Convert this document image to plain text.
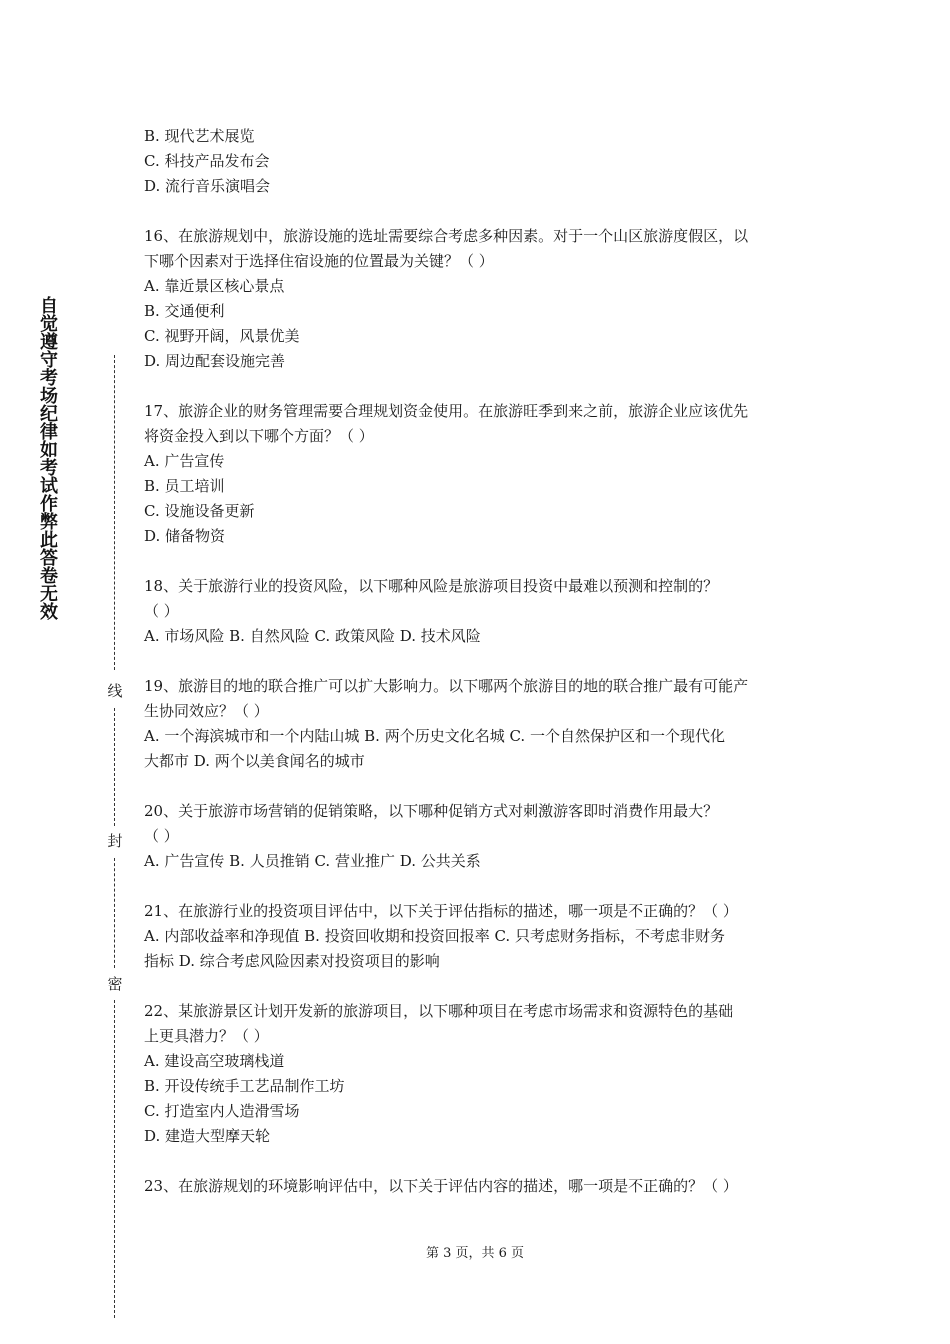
自觉遵守考场纪律如考试作弊此答卷无效
线
封
密
B. 现代艺术展览
C. 科技产品发布会
D. 流行音乐演唱会
16、在旅游规划中，旅游设施的选址需要综合考虑多种因素。对于一个山区旅游度假区，以
下哪个因素对于选择住宿设施的位置最为关键？（ ）
A. 靠近景区核心景点
B. 交通便利
C. 视野开阔，风景优美
D. 周边配套设施完善
17、旅游企业的财务管理需要合理规划资金使用。在旅游旺季到来之前，旅游企业应该优先
将资金投入到以下哪个方面？（ ）
A. 广告宣传
B. 员工培训
C. 设施设备更新
D. 储备物资
18、关于旅游行业的投资风险，以下哪种风险是旅游项目投资中最难以预测和控制的？
（ ）
A. 市场风险 B. 自然风险 C. 政策风险 D. 技术风险
19、旅游目的地的联合推广可以扩大影响力。以下哪两个旅游目的地的联合推广最有可能产
生协同效应？（ ）
A. 一个海滨城市和一个内陆山城 B. 两个历史文化名城 C. 一个自然保护区和一个现代化
大都市 D. 两个以美食闻名的城市
20、关于旅游市场营销的促销策略，以下哪种促销方式对刺激游客即时消费作用最大？
（ ）
A. 广告宣传 B. 人员推销 C. 营业推广 D. 公共关系
21、在旅游行业的投资项目评估中，以下关于评估指标的描述，哪一项是不正确的？（ ）
A. 内部收益率和净现值 B. 投资回收期和投资回报率 C. 只考虑财务指标，不考虑非财务
指标 D. 综合考虑风险因素对投资项目的影响
22、某旅游景区计划开发新的旅游项目，以下哪种项目在考虑市场需求和资源特色的基础
上更具潜力？（ ）
A. 建设高空玻璃栈道
B. 开设传统手工艺品制作工坊
C. 打造室内人造滑雪场
D. 建造大型摩天轮
23、在旅游规划的环境影响评估中，以下关于评估内容的描述，哪一项是不正确的？（ ）
第 3 页，共 6 页
